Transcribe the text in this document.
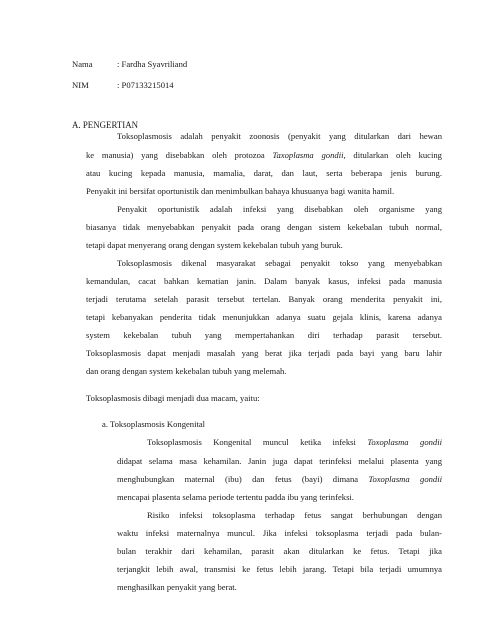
Nama	: Fardha Syavriliand
NIM	: P07133215014
A. PENGERTIAN
Toksoplasmosis adalah penyakit zoonosis (penyakit yang ditularkan dari hewan
ke manusia) yang disebabkan oleh protozoa Taxoplasma gondii, ditularkan oleh kucing
atau kucing kepada manusia, mamalia, darat, dan laut, serta beberapa jenis burung.
Penyakit ini bersifat oportunistik dan menimbulkan bahaya khusuanya bagi wanita hamil.
Penyakit oportunistik adalah infeksi yang disebabkan oleh organisme yang
biasanya tidak menyebabkan penyakit pada orang dengan sistem kekebalan tubuh normal,
tetapi dapat menyerang orang dengan system kekebalan tubuh yang buruk.
Toksoplasmosis dikenal masyarakat sebagai penyakit tokso yang menyebabkan
kemandulan, cacat bahkan kematian janin. Dalam banyak kasus, infeksi pada manusia
terjadi terutama setelah parasit tersebut tertelan. Banyak orang menderita penyakit ini,
tetapi kebanyakan penderita tidak menunjukkan adanya suatu gejala klinis, karena adanya
system kekebalan tubuh yang mempertahankan diri terhadap parasit tersebut.
Toksoplasmosis dapat menjadi masalah yang berat jika terjadi pada bayi yang baru lahir
dan orang dengan system kekebalan tubuh yang melemah.
Toksoplasmosis dibagi menjadi dua macam, yaitu:
a. Toksoplasmosis Kongenital
Toksoplasmosis Kongenital muncul ketika infeksi Toxoplasma gondii
didapat selama masa kehamilan. Janin juga dapat terinfeksi melalui plasenta yang
menghubungkan maternal (ibu) dan fetus (bayi) dimana Toxoplasma gondii
mencapai plasenta selama periode tertentu padda ibu yang terinfeksi.
Risiko infeksi toksoplasma terhadap fetus sangat berhubungan dengan
waktu infeksi maternalnya muncul. Jika infeksi toksoplasma terjadi pada bulan-
bulan terakhir dari kehamilan, parasit akan ditularkan ke fetus. Tetapi jika
terjangkit lebih awal, transmisi ke fetus lebih jarang. Tetapi bila terjadi umumnya
menghasilkan penyakit yang berat.
